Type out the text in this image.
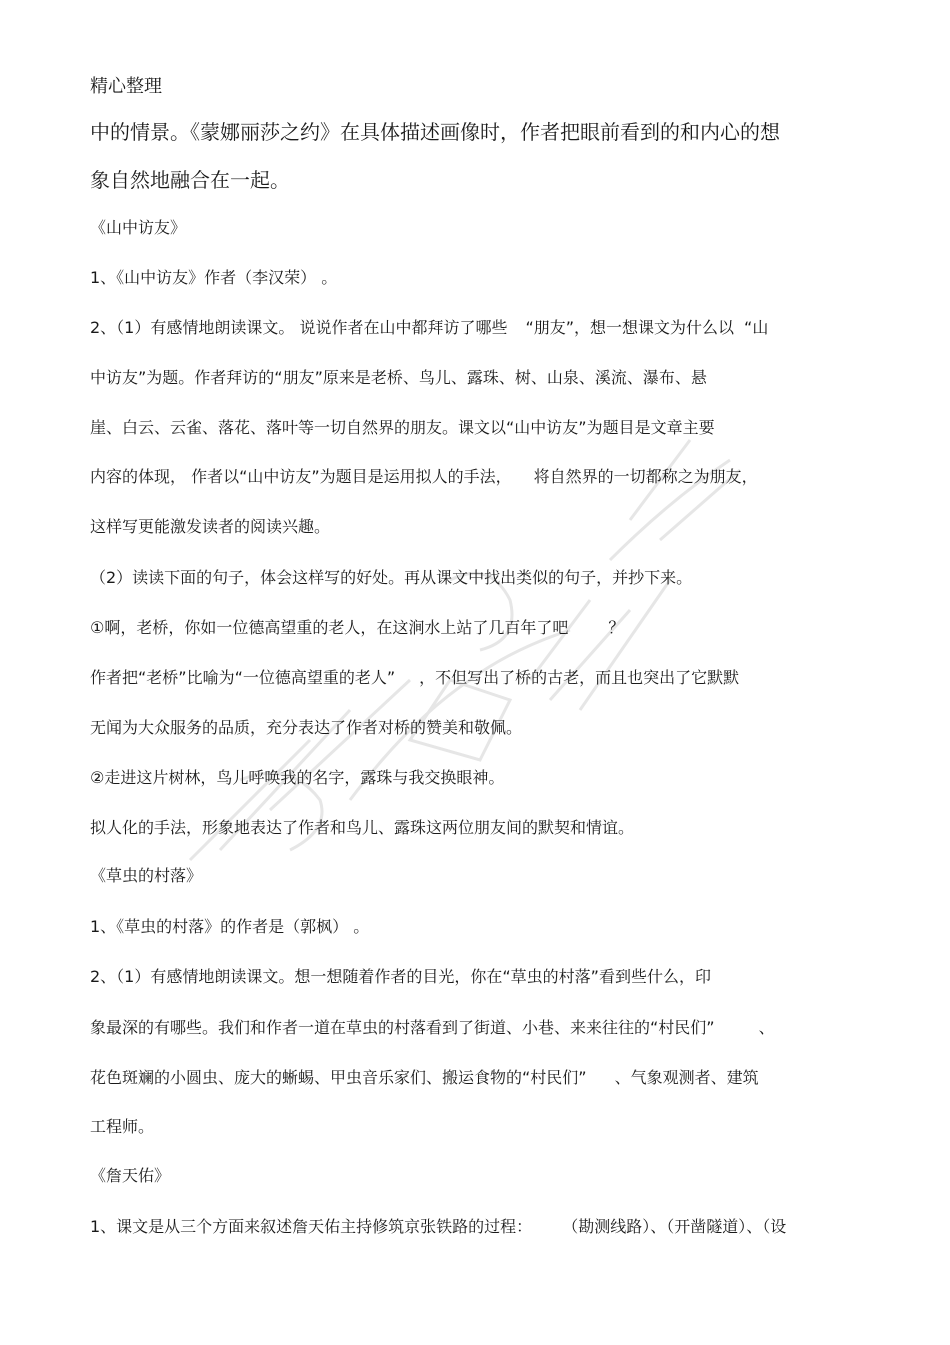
精心整理
中的情景。《蒙娜丽莎之约》在具体描述画像时，作者把眼前看到的和内心的想
象自然地融合在一起。
《山中访友》
1、《山中访友》作者（李汉荣） 。
2、（1）有感情地朗读课文。 说说作者在山中都拜访了哪些 “朋友”，想一想课文为什么以 “山
中访友”为题。作者拜访的“朋友”原来是老桥、鸟儿、露珠、树、山泉、溪流、瀑布、悬
崖、白云、云雀、落花、落叶等一切自然界的朋友。课文以“山中访友”为题目是文章主要
内容的体现， 作者以“山中访友”为题目是运用拟人的手法， 将自然界的一切都称之为朋友，
这样写更能激发读者的阅读兴趣。
（2）读读下面的句子，体会这样写的好处。再从课文中找出类似的句子，并抄下来。
①啊，老桥，你如一位德高望重的老人，在这涧水上站了几百年了吧	？
作者把“老桥”比喻为“一位德高望重的老人” ，不但写出了桥的古老，而且也突出了它默默
无闻为大众服务的品质，充分表达了作者对桥的赞美和敬佩。
②走进这片树林，鸟儿呼唤我的名字，露珠与我交换眼神。
拟人化的手法，形象地表达了作者和鸟儿、露珠这两位朋友间的默契和情谊。
《草虫的村落》
1、《草虫的村落》的作者是（郭枫） 。
2、（1）有感情地朗读课文。想一想随着作者的目光，你在“草虫的村落”看到些什么，印
象最深的有哪些。我们和作者一道在草虫的村落看到了街道、小巷、来来往往的“村民们”	、
花色斑斓的小圆虫、庞大的蜥蜴、甲虫音乐家们、搬运食物的“村民们” 、气象观测者、建筑
工程师。
《詹天佑》
1、课文是从三个方面来叙述詹天佑主持修筑京张铁路的过程： （勘测线路）、（开凿隧道）、（设
